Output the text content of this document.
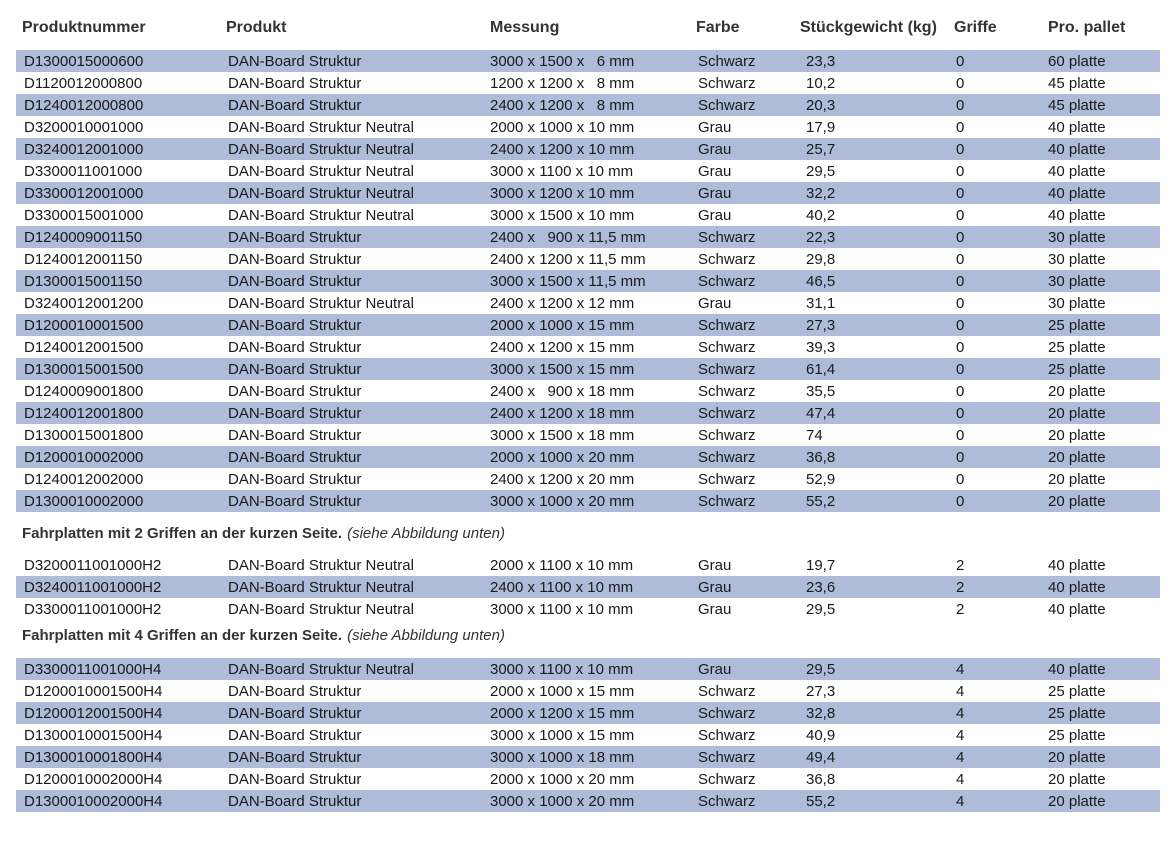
Produktnummer	Produkt	Messung	Farbe	Stückgewicht (kg)	Griffe	Pro. pallet
D1300015000600	DAN-Board Struktur	3000 x 1500 x   6 mm	Schwarz	23,3	0	60 platte
D1120012000800	DAN-Board Struktur	1200 x 1200 x   8 mm	Schwarz	10,2	0	45 platte
D1240012000800	DAN-Board Struktur	2400 x 1200 x   8 mm	Schwarz	20,3	0	45 platte
D3200010001000	DAN-Board Struktur Neutral	2000 x 1000 x 10 mm	Grau	17,9	0	40 platte
D3240012001000	DAN-Board Struktur Neutral	2400 x 1200 x 10 mm	Grau	25,7	0	40 platte
D3300011001000	DAN-Board Struktur Neutral	3000 x 1100 x 10 mm	Grau	29,5	0	40 platte
D3300012001000	DAN-Board Struktur Neutral	3000 x 1200 x 10 mm	Grau	32,2	0	40 platte
D3300015001000	DAN-Board Struktur Neutral	3000 x 1500 x 10 mm	Grau	40,2	0	40 platte
D1240009001150	DAN-Board Struktur	2400 x   900 x 11,5 mm	Schwarz	22,3	0	30 platte
D1240012001150	DAN-Board Struktur	2400 x 1200 x 11,5 mm	Schwarz	29,8	0	30 platte
D1300015001150	DAN-Board Struktur	3000 x 1500 x 11,5 mm	Schwarz	46,5	0	30 platte
D3240012001200	DAN-Board Struktur Neutral	2400 x 1200 x 12 mm	Grau	31,1	0	30 platte
D1200010001500	DAN-Board Struktur	2000 x 1000 x 15 mm	Schwarz	27,3	0	25 platte
D1240012001500	DAN-Board Struktur	2400 x 1200 x 15 mm	Schwarz	39,3	0	25 platte
D1300015001500	DAN-Board Struktur	3000 x 1500 x 15 mm	Schwarz	61,4	0	25 platte
D1240009001800	DAN-Board Struktur	2400 x   900 x 18 mm	Schwarz	35,5	0	20 platte
D1240012001800	DAN-Board Struktur	2400 x 1200 x 18 mm	Schwarz	47,4	0	20 platte
D1300015001800	DAN-Board Struktur	3000 x 1500 x 18 mm	Schwarz	74	0	20 platte
D1200010002000	DAN-Board Struktur	2000 x 1000 x 20 mm	Schwarz	36,8	0	20 platte
D1240012002000	DAN-Board Struktur	2400 x 1200 x 20 mm	Schwarz	52,9	0	20 platte
D1300010002000	DAN-Board Struktur	3000 x 1000 x 20 mm	Schwarz	55,2	0	20 platte
Fahrplatten mit 2 Griffen an der kurzen Seite. (siehe Abbildung unten)
D3200011001000H2	DAN-Board Struktur Neutral	2000 x 1100 x 10 mm	Grau	19,7	2	40 platte
D3240011001000H2	DAN-Board Struktur Neutral	2400 x 1100 x 10 mm	Grau	23,6	2	40 platte
D3300011001000H2	DAN-Board Struktur Neutral	3000 x 1100 x 10 mm	Grau	29,5	2	40 platte
Fahrplatten mit 4 Griffen an der kurzen Seite. (siehe Abbildung unten)
D3300011001000H4	DAN-Board Struktur Neutral	3000 x 1100 x 10 mm	Grau	29,5	4	40 platte
D1200010001500H4	DAN-Board Struktur	2000 x 1000 x 15 mm	Schwarz	27,3	4	25 platte
D1200012001500H4	DAN-Board Struktur	2000 x 1200 x 15 mm	Schwarz	32,8	4	25 platte
D1300010001500H4	DAN-Board Struktur	3000 x 1000 x 15 mm	Schwarz	40,9	4	25 platte
D1300010001800H4	DAN-Board Struktur	3000 x 1000 x 18 mm	Schwarz	49,4	4	20 platte
D1200010002000H4	DAN-Board Struktur	2000 x 1000 x 20 mm	Schwarz	36,8	4	20 platte
D1300010002000H4	DAN-Board Struktur	3000 x 1000 x 20 mm	Schwarz	55,2	4	20 platte
